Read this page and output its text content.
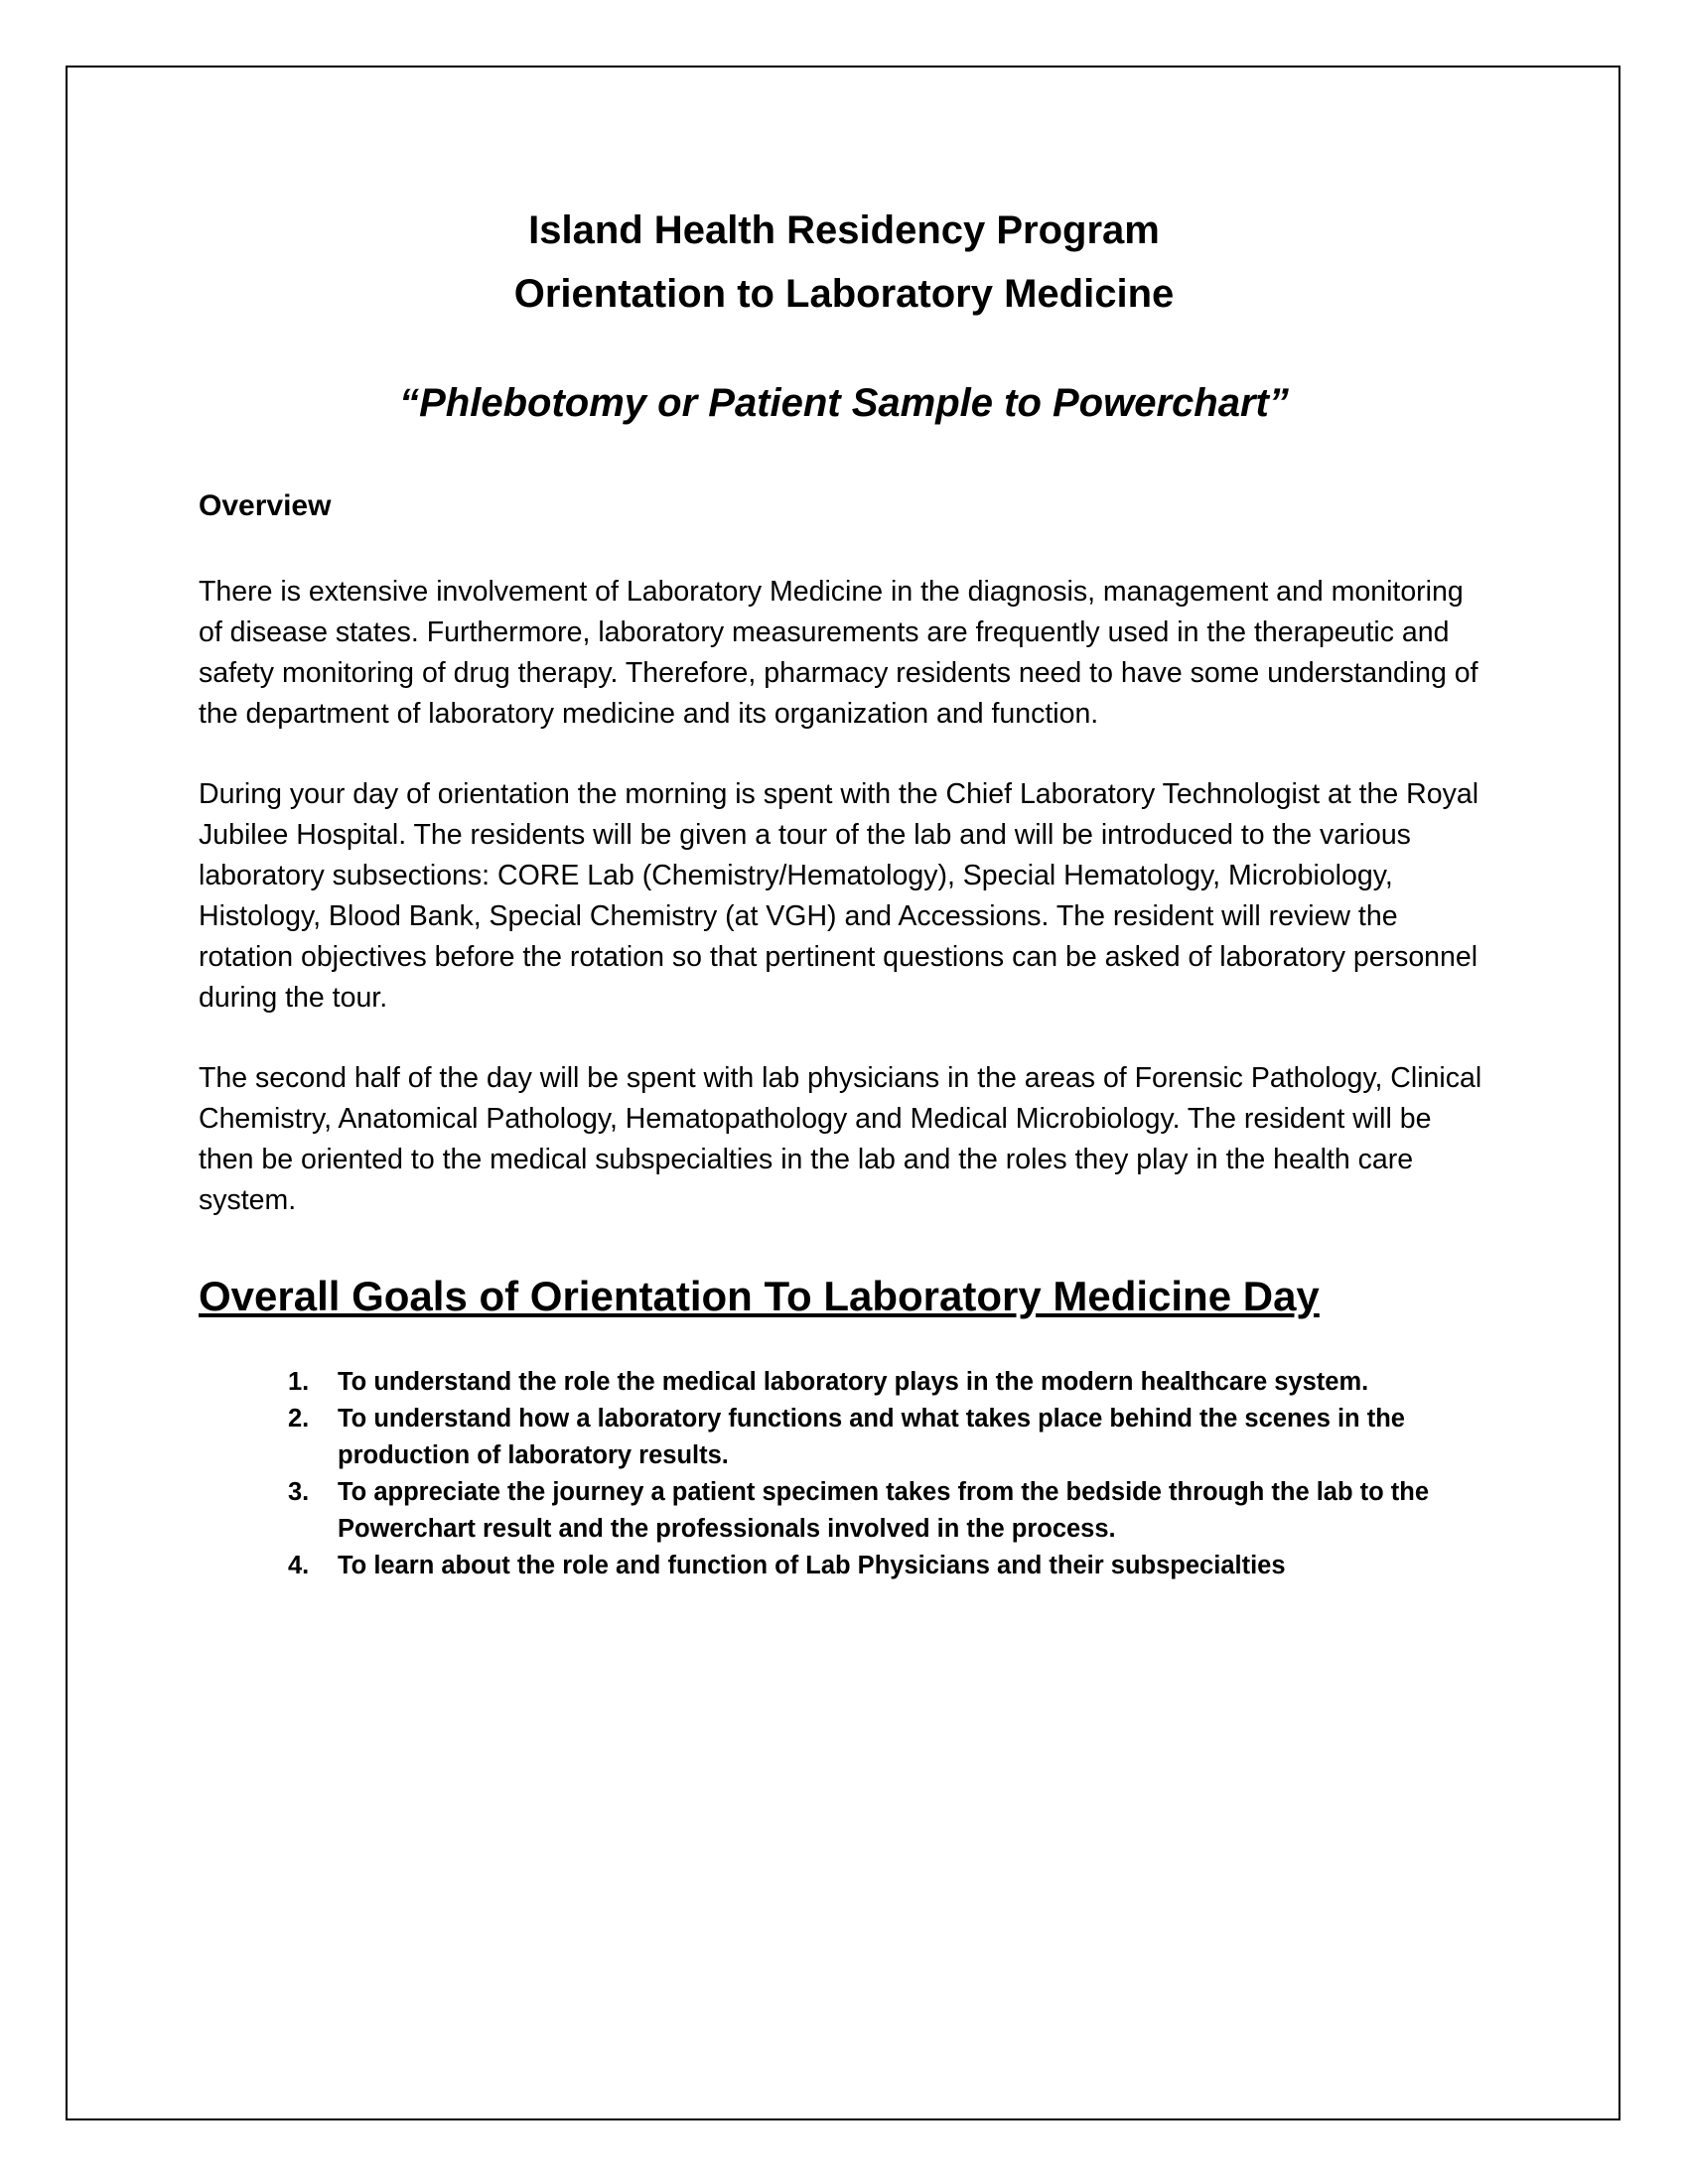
Island Health Residency Program

Orientation to Laboratory Medicine

“Phlebotomy or Patient Sample to Powerchart”

Overview

There is extensive involvement of Laboratory Medicine in the diagnosis, management and monitoring of disease states. Furthermore, laboratory measurements are frequently used in the therapeutic and safety monitoring of drug therapy. Therefore, pharmacy residents need to have some understanding of the department of laboratory medicine and its organization and function.

During your day of orientation the morning is spent with the Chief Laboratory Technologist at the Royal Jubilee Hospital. The residents will be given a tour of the lab and will be introduced to the various laboratory subsections: CORE Lab (Chemistry/Hematology), Special Hematology, Microbiology, Histology, Blood Bank, Special Chemistry (at VGH) and Accessions. The resident will review the rotation objectives before the rotation so that pertinent questions can be asked of laboratory personnel during the tour.

The second half of the day will be spent with lab physicians in the areas of Forensic Pathology, Clinical Chemistry, Anatomical Pathology, Hematopathology and Medical Microbiology. The resident will be then be oriented to the medical subspecialties in the lab and the roles they play in the health care system.

Overall Goals of Orientation To Laboratory Medicine Day
1.	To understand the role the medical laboratory plays in the modern healthcare system.
2.	To understand how a laboratory functions and what takes place behind the scenes in the production of laboratory results.
3.	To appreciate the journey a patient specimen takes from the bedside through the lab to the Powerchart result and the professionals involved in the process.
4.	To learn about the role and function of Lab Physicians and their subspecialties
